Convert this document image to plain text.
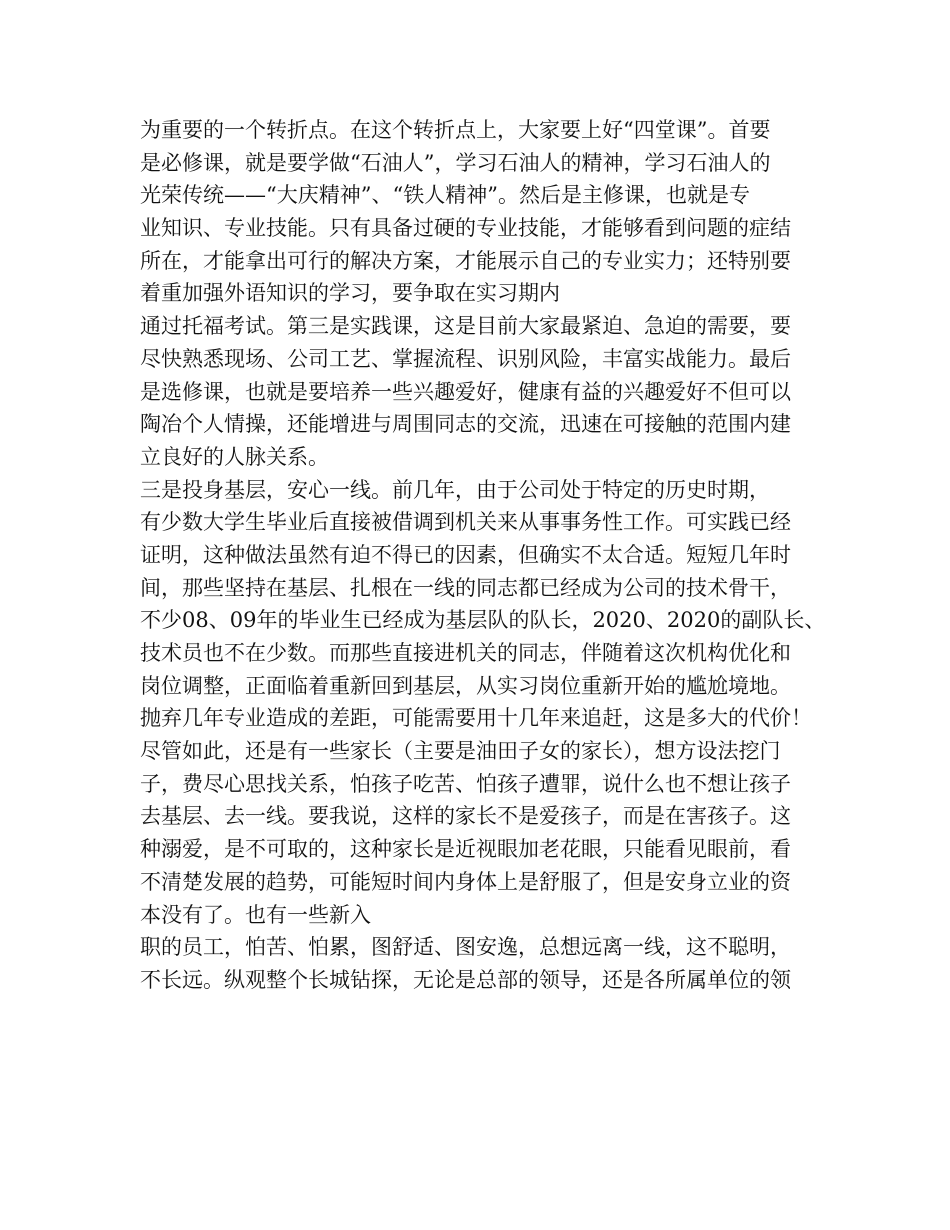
为重要的一个转折点。在这个转折点上，大家要上好“四堂课”。首要
是必修课，就是要学做“石油人”，学习石油人的精神，学习石油人的
光荣传统——“大庆精神”、“铁人精神”。然后是主修课，也就是专
业知识、专业技能。只有具备过硬的专业技能，才能够看到问题的症结
所在，才能拿出可行的解决方案，才能展示自己的专业实力；还特别要
着重加强外语知识的学习，要争取在实习期内
通过托福考试。第三是实践课，这是目前大家最紧迫、急迫的需要，要
尽快熟悉现场、公司工艺、掌握流程、识别风险，丰富实战能力。最后
是选修课，也就是要培养一些兴趣爱好，健康有益的兴趣爱好不但可以
陶冶个人情操，还能增进与周围同志的交流，迅速在可接触的范围内建
立良好的人脉关系。
三是投身基层，安心一线。前几年，由于公司处于特定的历史时期，
有少数大学生毕业后直接被借调到机关来从事事务性工作。可实践已经
证明，这种做法虽然有迫不得已的因素，但确实不太合适。短短几年时
间，那些坚持在基层、扎根在一线的同志都已经成为公司的技术骨干，
不少08、09年的毕业生已经成为基层队的队长，2020、2020的副队长、
技术员也不在少数。而那些直接进机关的同志，伴随着这次机构优化和
岗位调整，正面临着重新回到基层，从实习岗位重新开始的尴尬境地。
抛弃几年专业造成的差距，可能需要用十几年来追赶，这是多大的代价！
尽管如此，还是有一些家长（主要是油田子女的家长），想方设法挖门
子，费尽心思找关系，怕孩子吃苦、怕孩子遭罪，说什么也不想让孩子
去基层、去一线。要我说，这样的家长不是爱孩子，而是在害孩子。这
种溺爱，是不可取的，这种家长是近视眼加老花眼，只能看见眼前，看
不清楚发展的趋势，可能短时间内身体上是舒服了，但是安身立业的资
本没有了。也有一些新入
职的员工，怕苦、怕累，图舒适、图安逸，总想远离一线，这不聪明，
不长远。纵观整个长城钻探，无论是总部的领导，还是各所属单位的领
